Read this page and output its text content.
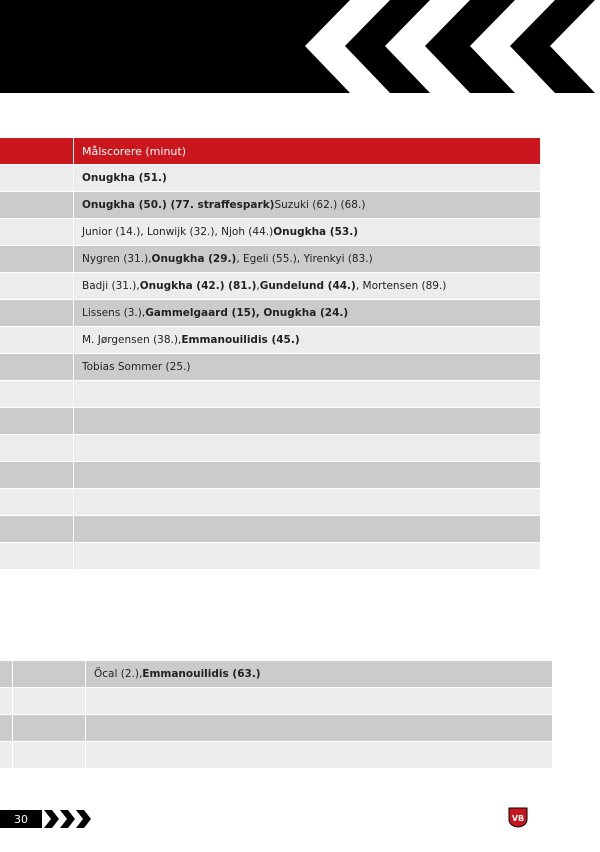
Målscorere (minut)
Onugkha (51.)
Onugkha (50.) (77. straffespark) Suzuki (62.) (68.)
Junior (14.), Lonwijk (32.), Njoh (44.) Onugkha (53.)
Nygren (31.), Onugkha (29.) , Egeli (55.), Yirenkyi (83.)
Badji (31.), Onugkha (42.) (81.) , Gundelund (44.) , Mortensen (89.)
Lissens (3.), Gammelgaard (15), Onugkha (24.)
M. Jørgensen (38.), Emmanouilidis (45.)
Tobias Sommer (25.)
Öcal (2.), Emmanouilidis (63.)
30	VB
